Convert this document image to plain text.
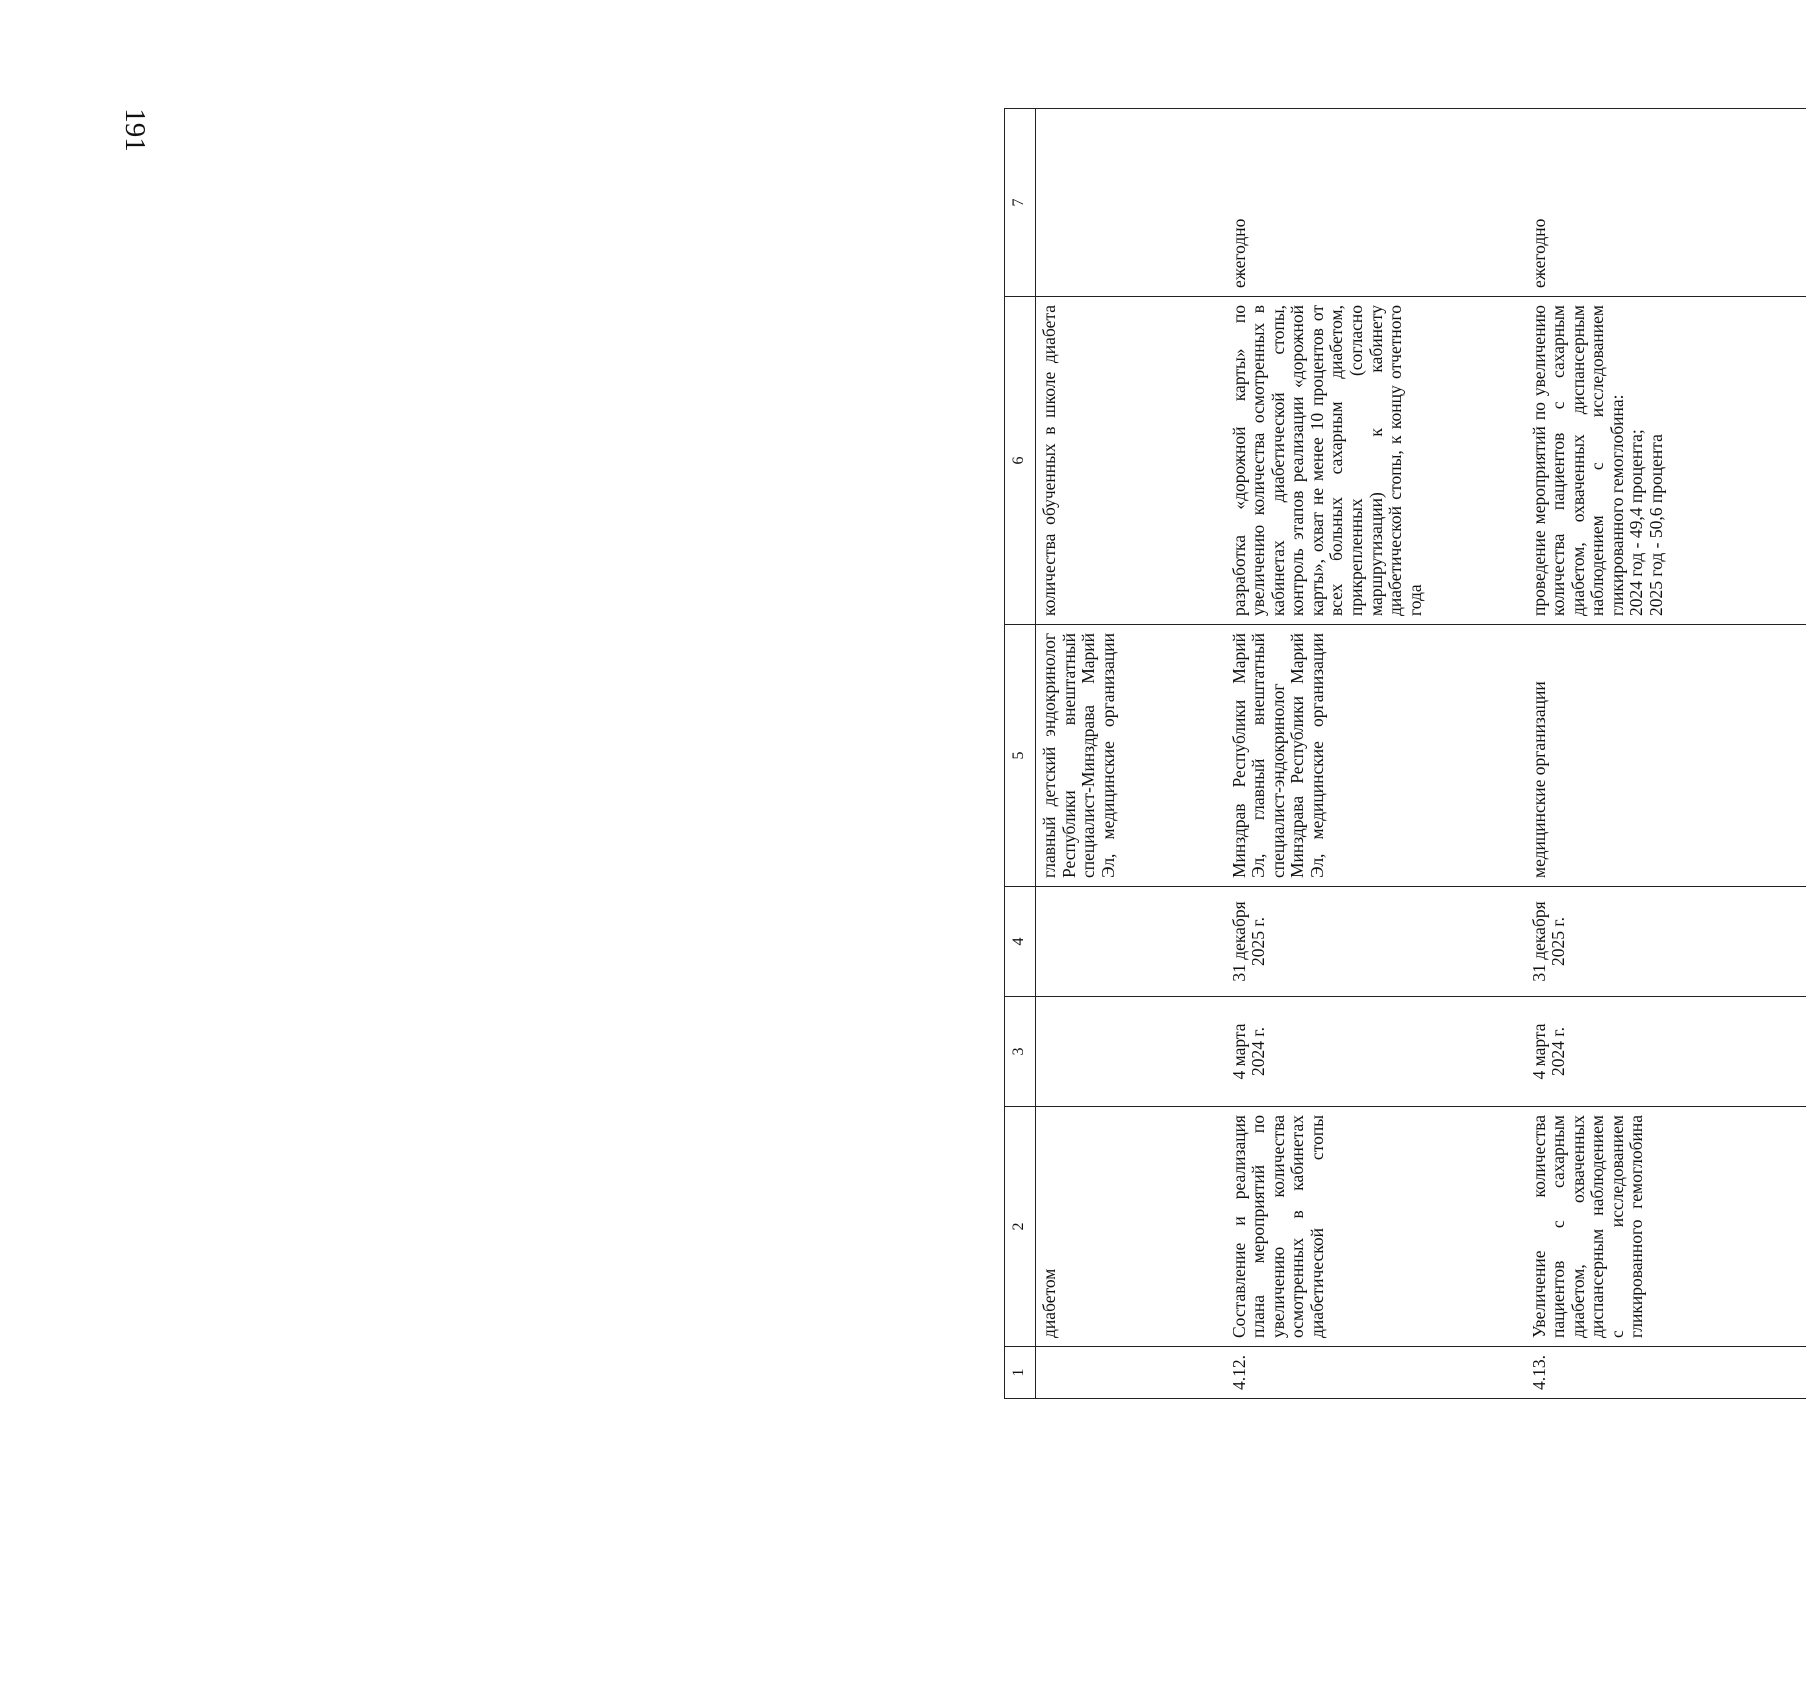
191
1	2	3	4	5	6	7
	диабетом			главный детский эндокринолог Республики внештатный специалист-Минздрава Марий Эл, медицинские организации	количества обученных в школе диабета	
4.12.	Составление и реализация плана мероприятий по увеличению количества осмотренных в кабинетах диабетической стопы	4 марта 2024 г.	31 декабря 2025 г.	Минздрав Республики Марий Эл, главный внештатный специалист-эндокринолог Минздрава Республики Марий Эл, медицинские организации	разработка «дорожной карты» по увеличению количества осмотренных в кабинетах диабетической стопы, контроль этапов реализации «дорожной карты», охват не менее 10 процентов от всех больных сахарным диабетом, прикрепленных (согласно маршрутизации) к кабинету диабетической стопы, к концу отчетного года	ежегодно
4.13.	Увеличение количества пациентов с сахарным диабетом, охваченных диспансерным наблюдением с исследованием гликированного гемоглобина	4 марта 2024 г.	31 декабря 2025 г.	медицинские организации	проведение мероприятий по увеличению количества пациентов с сахарным диабетом, охваченных диспансерным наблюдением с исследованием гликированного гемоглобина:
2024 год - 49,4 процента;
2025 год - 50,6 процента	ежегодно
